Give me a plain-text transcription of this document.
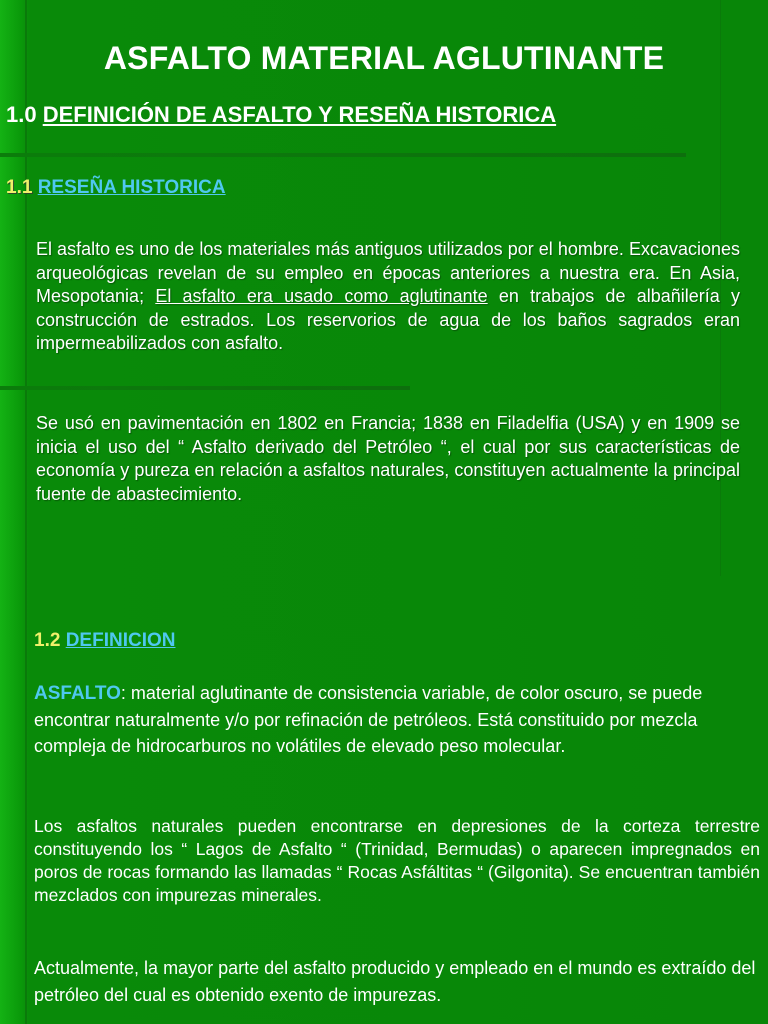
ASFALTO MATERIAL AGLUTINANTE
1.0 DEFINICIÓN DE ASFALTO Y RESEÑA HISTORICA
1.1 RESEÑA HISTORICA
El asfalto es uno de los materiales más antiguos utilizados por el hombre. Excavaciones arqueológicas revelan de su empleo en épocas anteriores a nuestra era. En Asia, Mesopotania; El asfalto era usado como aglutinante en trabajos de albañilería y construcción de estrados. Los reservorios de agua de los baños sagrados eran impermeabilizados con asfalto.
Se usó en pavimentación en 1802 en Francia; 1838 en Filadelfia (USA) y en 1909 se inicia el uso del “ Asfalto derivado del Petróleo “, el cual por sus características de economía y pureza en relación a asfaltos naturales, constituyen actualmente la principal fuente de abastecimiento.
1.2 DEFINICION
ASFALTO: material aglutinante de consistencia variable, de color oscuro, se puede encontrar naturalmente y/o por refinación de petróleos. Está constituido por mezcla compleja de hidrocarburos no volátiles de elevado peso molecular.
Los asfaltos naturales pueden encontrarse en depresiones de la corteza terrestre constituyendo los “ Lagos de Asfalto “ (Trinidad, Bermudas) o aparecen impregnados en poros de rocas formando las llamadas “ Rocas Asfáltitas “ (Gilgonita). Se encuentran también mezclados con impurezas minerales.
Actualmente, la mayor parte del asfalto producido y empleado en el mundo es extraído del petróleo del cual es obtenido exento de impurezas.
